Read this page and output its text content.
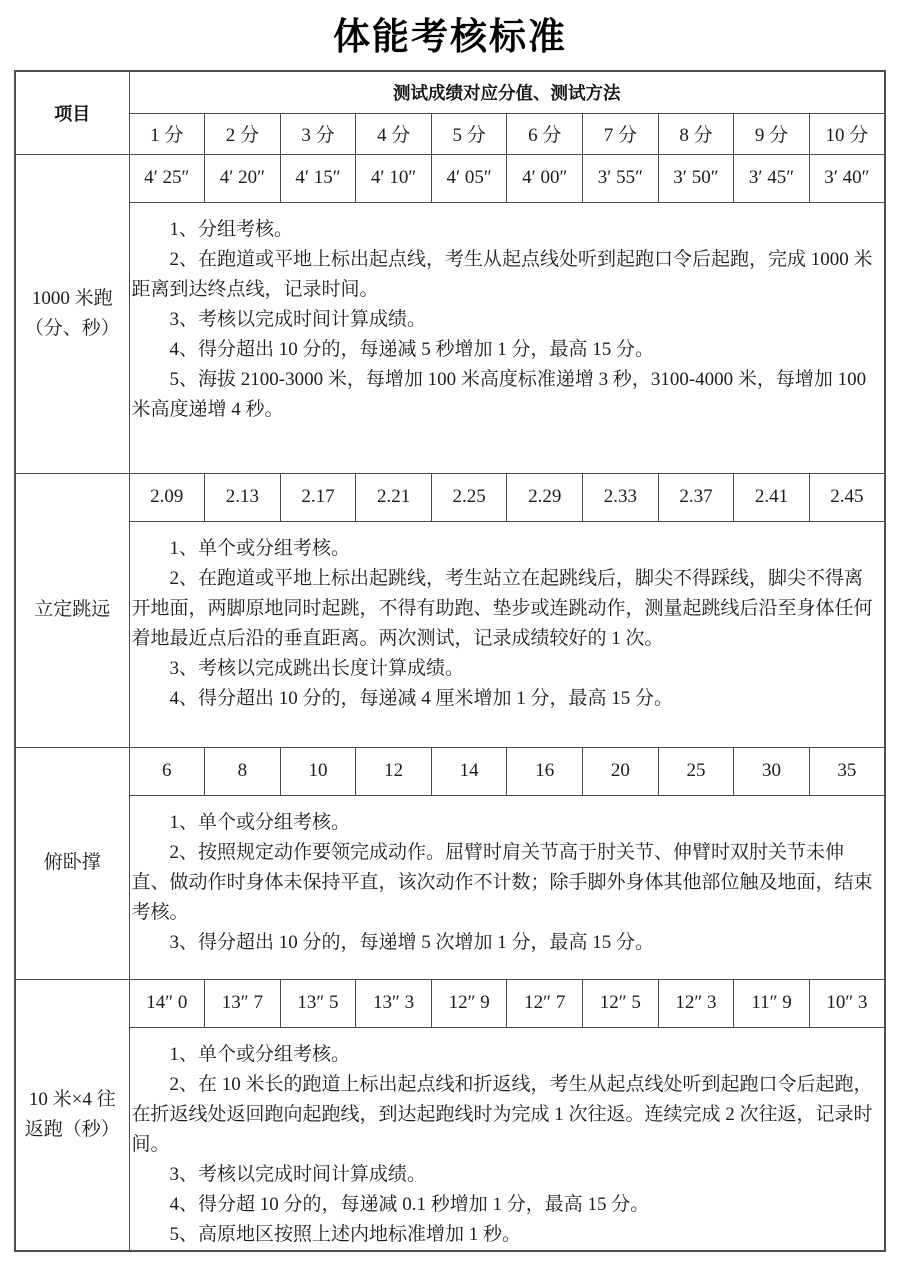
体能考核标准
项目	测试成绩对应分值、测试方法									
	1 分	2 分	3 分	4 分	5 分	6 分	7 分	8 分	9 分	10 分

1000 米跑
（分、秒）	4′ 25″	4′ 20″	4′ 15″	4′ 10″	4′ 05″	4′ 00″	3′ 55″	3′ 50″	3′ 45″	3′ 40″

	1、分组考核。

2、在跑道或平地上标出起点线，考生从起点线处听到起跑口令后起跑，完成 1000 米距离到达终点线，记录时间。

3、考核以完成时间计算成绩。

4、得分超出 10 分的，每递减 5 秒增加 1 分，最高 15 分。

5、海拔 2100-3000 米，每增加 100 米高度标准递增 3 秒，3100-4000 米，每增加 100 米高度递增 4 秒。									

立定跳远	2.09	2.13	2.17	2.21	2.25	2.29	2.33	2.37	2.41	2.45

	1、单个或分组考核。

2、在跑道或平地上标出起跳线，考生站立在起跳线后，脚尖不得踩线，脚尖不得离开地面，两脚原地同时起跳，不得有助跑、垫步或连跳动作，测量起跳线后沿至身体任何着地最近点后沿的垂直距离。两次测试，记录成绩较好的 1 次。

3、考核以完成跳出长度计算成绩。

4、得分超出 10 分的，每递减 4 厘米增加 1 分，最高 15 分。									

俯卧撑	6	8	10	12	14	16	20	25	30	35

	1、单个或分组考核。

2、按照规定动作要领完成动作。屈臂时肩关节高于肘关节、伸臂时双肘关节未伸直、做动作时身体未保持平直，该次动作不计数；除手脚外身体其他部位触及地面，结束考核。

3、得分超出 10 分的，每递增 5 次增加 1 分，最高 15 分。									

10 米×4 往
返跑（秒）	14″ 0	13″ 7	13″ 5	13″ 3	12″ 9	12″ 7	12″ 5	12″ 3	11″ 9	10″ 3

	1、单个或分组考核。

2、在 10 米长的跑道上标出起点线和折返线，考生从起点线处听到起跑口令后起跑，在折返线处返回跑向起跑线，到达起跑线时为完成 1 次往返。连续完成 2 次往返，记录时间。

3、考核以完成时间计算成绩。

4、得分超 10 分的，每递减 0.1 秒增加 1 分，最高 15 分。

5、高原地区按照上述内地标准增加 1 秒。									
